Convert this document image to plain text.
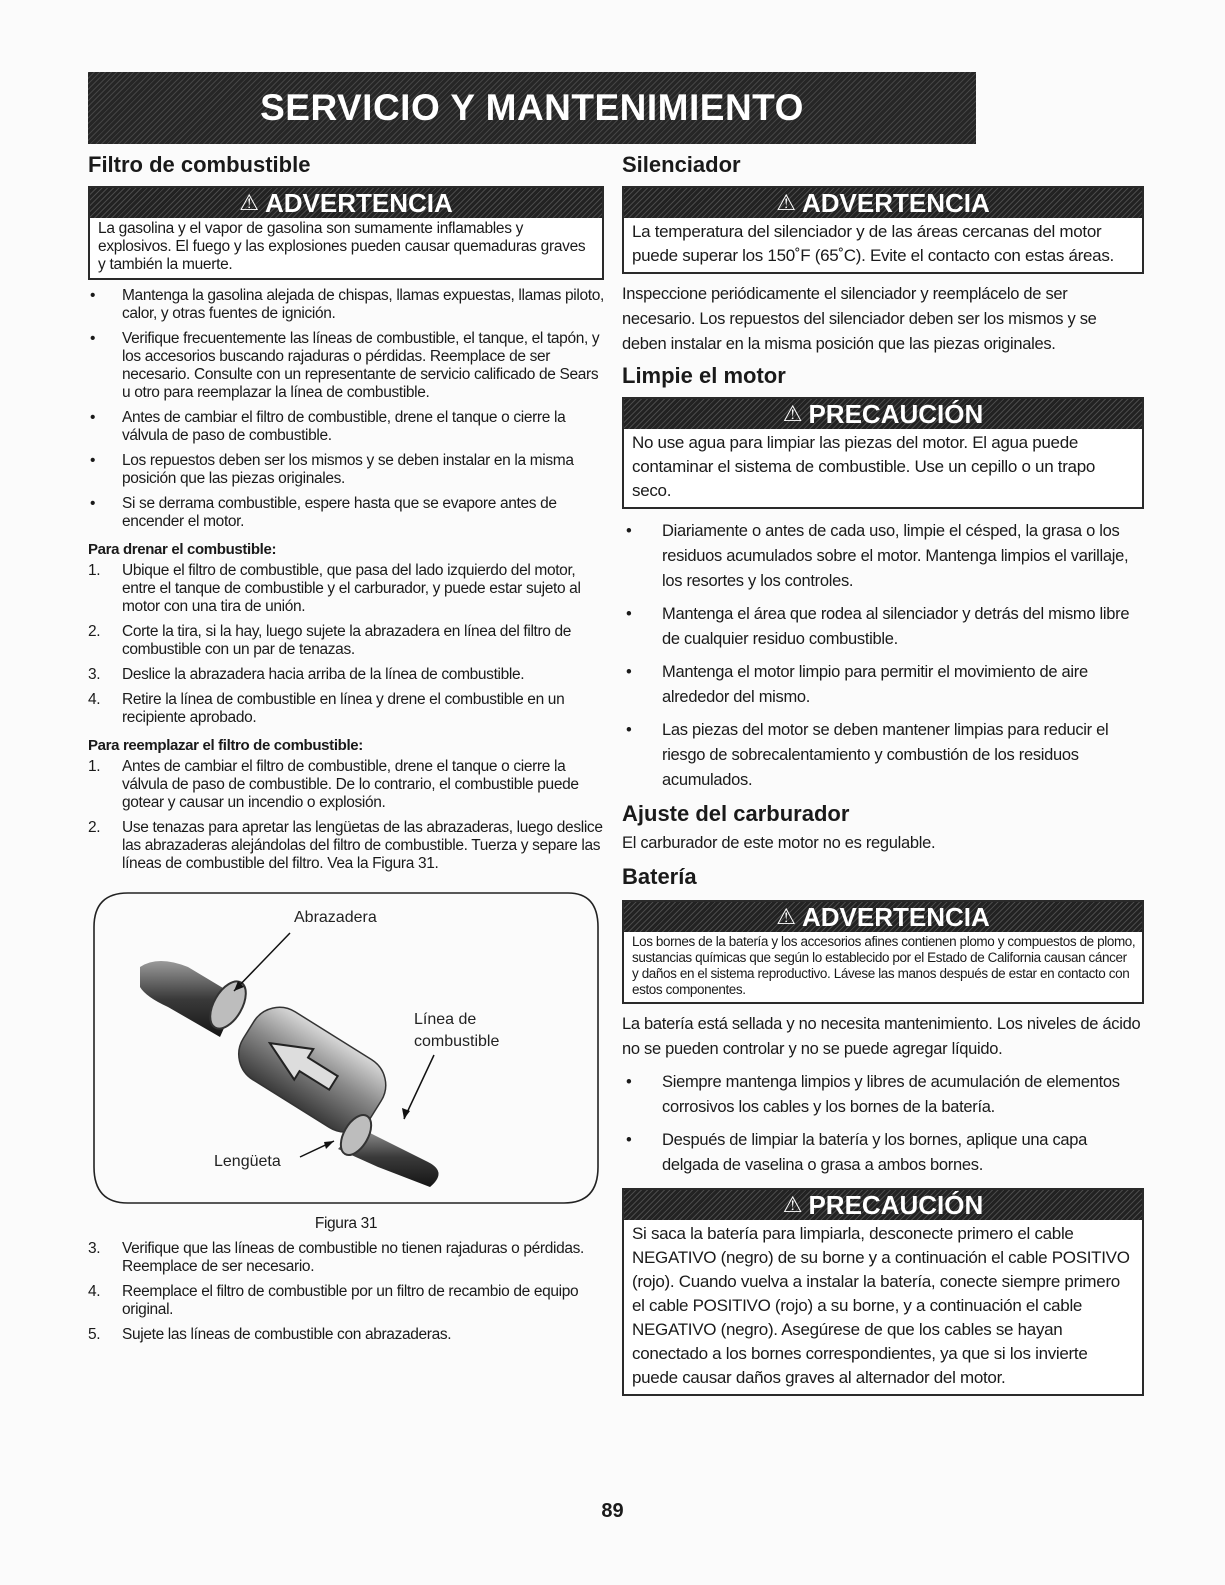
SERVICIO Y MANTENIMIENTO
Filtro de combustible
⚠ ADVERTENCIA
La gasolina y el vapor de gasolina son sumamente inflamables y explosivos. El fuego y las explosiones pueden causar quemaduras graves y también la muerte.
• Mantenga la gasolina alejada de chispas, llamas expuestas, llamas piloto, calor, y otras fuentes de ignición.
• Verifique frecuentemente las líneas de combustible, el tanque, el tapón, y los accesorios buscando rajaduras o pérdidas. Reemplace de ser necesario. Consulte con un representante de servicio calificado de Sears u otro para reemplazar la línea de combustible.
• Antes de cambiar el filtro de combustible, drene el tanque o cierre la válvula de paso de combustible.
• Los repuestos deben ser los mismos y se deben instalar en la misma posición que las piezas originales.
• Si se derrama combustible, espere hasta que se evapore antes de encender el motor.
Para drenar el combustible:
1. Ubique el filtro de combustible, que pasa del lado izquierdo del motor, entre el tanque de combustible y el carburador, y puede estar sujeto al motor con una tira de unión.
2. Corte la tira, si la hay, luego sujete la abrazadera en línea del filtro de combustible con un par de tenazas.
3. Deslice la abrazadera hacia arriba de la línea de combustible.
4. Retire la línea de combustible en línea y drene el combustible en un recipiente aprobado.
Para reemplazar el filtro de combustible:
1. Antes de cambiar el filtro de combustible, drene el tanque o cierre la válvula de paso de combustible. De lo contrario, el combustible puede gotear y causar un incendio o explosión.
2. Use tenazas para apretar las lengüetas de las abrazaderas, luego deslice las abrazaderas alejándolas del filtro de combustible. Tuerza y separe las líneas de combustible del filtro. Vea la Figura 31.
Abrazadera
Línea de
combustible
Lengüeta
Figura 31
3. Verifique que las líneas de combustible no tienen rajaduras o pérdidas. Reemplace de ser necesario.
4. Reemplace el filtro de combustible por un filtro de recambio de equipo original.
5. Sujete las líneas de combustible con abrazaderas.
Silenciador
⚠ ADVERTENCIA
La temperatura del silenciador y de las áreas cercanas del motor puede superar los 150˚F (65˚C). Evite el contacto con estas áreas.
Inspeccione periódicamente el silenciador y reemplácelo de ser necesario. Los repuestos del silenciador deben ser los mismos y se deben instalar en la misma posición que las piezas originales.
Limpie el motor
⚠ PRECAUCIÓN
No use agua para limpiar las piezas del motor. El agua puede contaminar el sistema de combustible. Use un cepillo o un trapo seco.
• Diariamente o antes de cada uso, limpie el césped, la grasa o los residuos acumulados sobre el motor. Mantenga limpios el varillaje, los resortes y los controles.
• Mantenga el área que rodea al silenciador y detrás del mismo libre de cualquier residuo combustible.
• Mantenga el motor limpio para permitir el movimiento de aire alrededor del mismo.
• Las piezas del motor se deben mantener limpias para reducir el riesgo de sobrecalentamiento y combustión de los residuos acumulados.
Ajuste del carburador
El carburador de este motor no es regulable.
Batería
⚠ ADVERTENCIA
Los bornes de la batería y los accesorios afines contienen plomo y compuestos de plomo, sustancias químicas que según lo establecido por el Estado de California causan cáncer y daños en el sistema reproductivo. Lávese las manos después de estar en contacto con estos componentes.
La batería está sellada y no necesita mantenimiento. Los niveles de ácido no se pueden controlar y no se puede agregar líquido.
• Siempre mantenga limpios y libres de acumulación de elementos corrosivos los cables y los bornes de la batería.
• Después de limpiar la batería y los bornes, aplique una capa delgada de vaselina o grasa a ambos bornes.
⚠ PRECAUCIÓN
Si saca la batería para limpiarla, desconecte primero el cable NEGATIVO (negro) de su borne y a continuación el cable POSITIVO (rojo). Cuando vuelva a instalar la batería, conecte siempre primero el cable POSITIVO (rojo) a su borne, y a continuación el cable NEGATIVO (negro). Asegúrese de que los cables se hayan conectado a los bornes correspondientes, ya que si los invierte puede causar daños graves al alternador del motor.
89
